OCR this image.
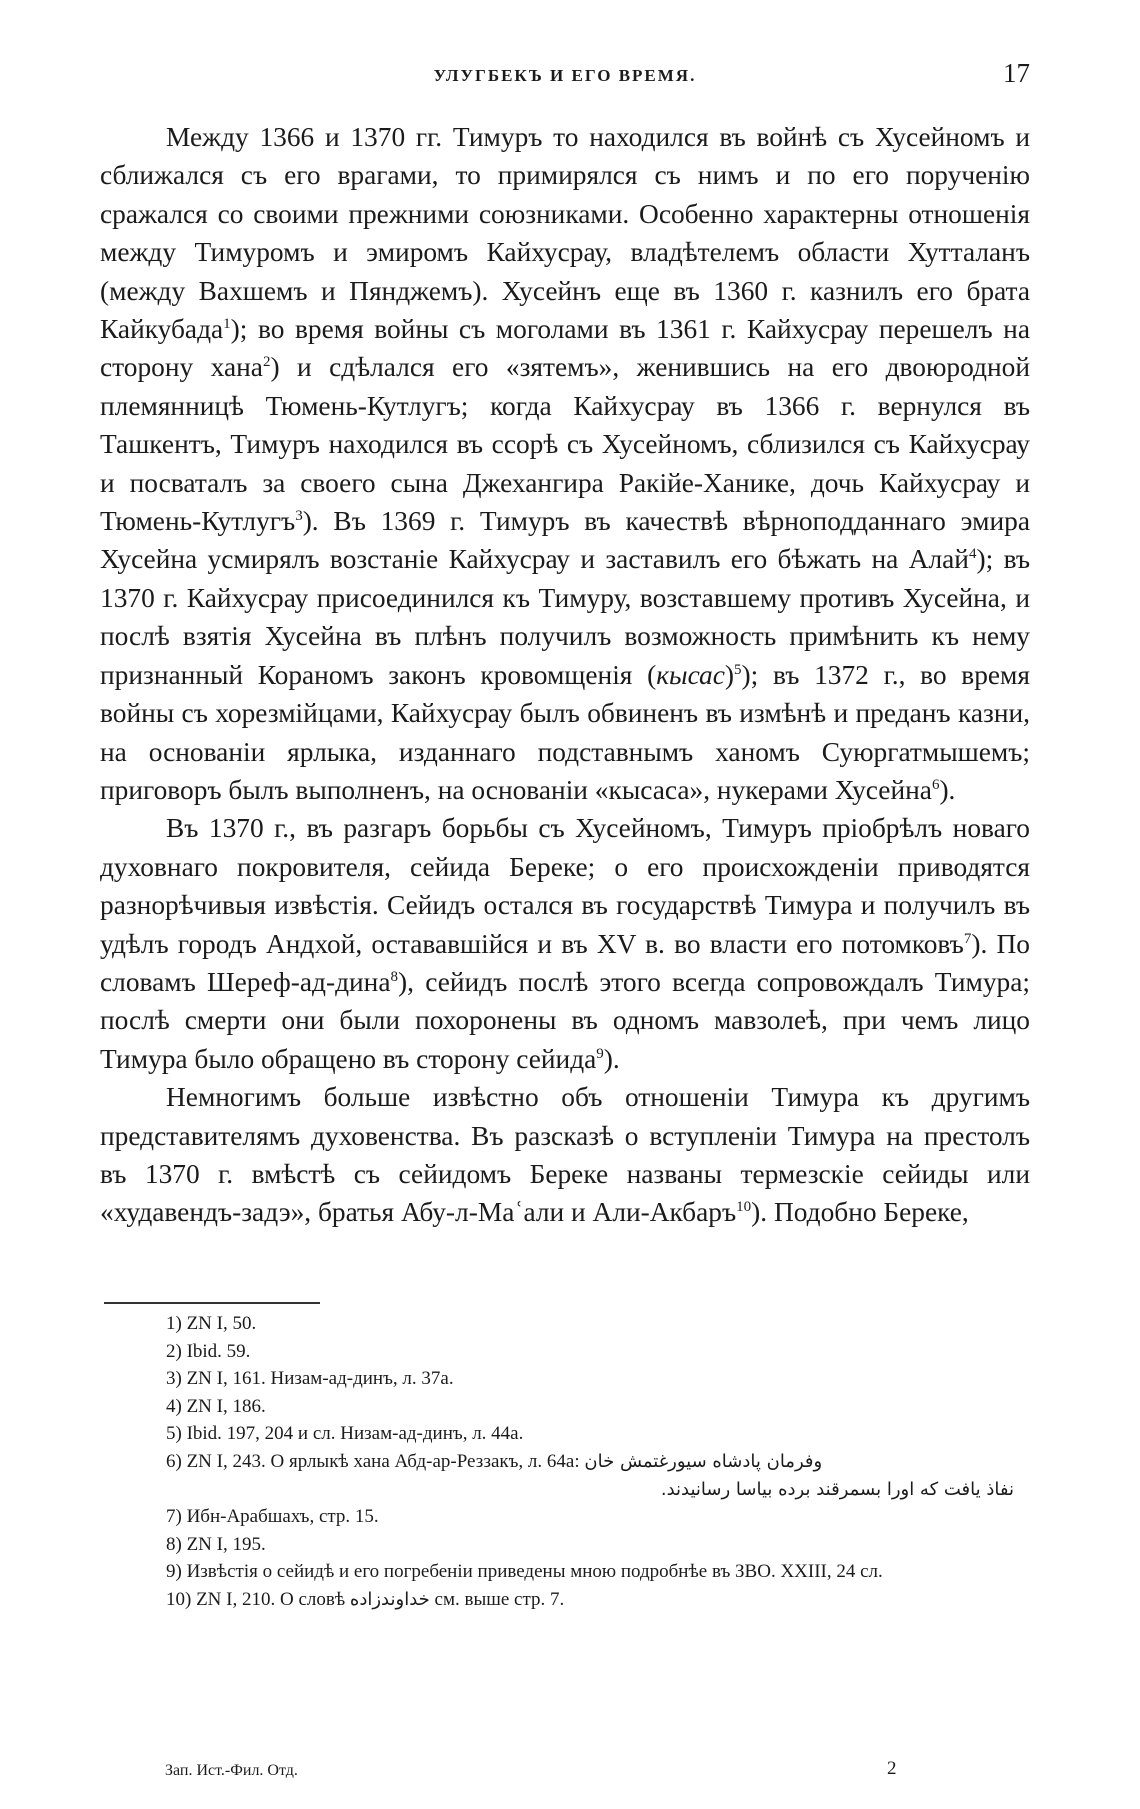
УЛУГБЕКЪ И ЕГО ВРЕМЯ.	17

Между 1366 и 1370 гг. Тимуръ то находился въ войнѣ съ Хусейномъ и сближался съ его врагами, то примирялся съ нимъ и по его порученію сражался со своими прежними союзниками. Особенно характерны отношенія между Тимуромъ и эмиромъ Кайхусрау, владѣтелемъ области Хутталанъ (между Вахшемъ и Пянджемъ). Хусейнъ еще въ 1360 г. казнилъ его брата Кайкубада$^1$); во время войны съ моголами въ 1361 г. Кайхусрау перешелъ на сторону хана$^2$) и сдѣлался его «зятемъ», женившись на его двоюродной племянницѣ Тюмень-Кутлугъ; когда Кайхусрау въ 1366 г. вернулся въ Ташкентъ, Тимуръ находился въ ссорѣ съ Хусейномъ, сблизился съ Кайхусрау и посваталъ за своего сына Джехангира Ракійе-Ханике, дочь Кайхусрау и Тюмень-Кутлугъ$^3$). Въ 1369 г. Тимуръ въ качествѣ вѣрноподданнаго эмира Хусейна усмирялъ возстаніе Кайхусрау и заставилъ его бѣжать на Алай$^4$); въ 1370 г. Кайхусрау присоединился къ Тимуру, возставшему противъ Хусейна, и послѣ взятія Хусейна въ плѣнъ получилъ возможность примѣнить къ нему признанный Кораномъ законъ кровомщенія (кысас)$^5$); въ 1372 г., во время войны съ хорезмійцами, Кайхусрау былъ обвиненъ въ измѣнѣ и преданъ казни, на основаніи ярлыка, изданнаго подставнымъ ханомъ Суюргатмышемъ; приговоръ былъ выполненъ, на основаніи «кысаса», нукерами Хусейна$^6$).

Въ 1370 г., въ разгаръ борьбы съ Хусейномъ, Тимуръ пріобрѣлъ новаго духовнаго покровителя, сейида Береке; о его происхожденіи приводятся разнорѣчивыя извѣстія. Сейидъ остался въ государствѣ Тимура и получилъ въ удѣлъ городъ Андхой, остававшійся и въ XV в. во власти его потомковъ$^7$). По словамъ Шереф-ад-дина$^8$), сейидъ послѣ этого всегда сопровождалъ Тимура; послѣ смерти они были похоронены въ одномъ мавзолеѣ, при чемъ лицо Тимура было обращено въ сторону сейида$^9$).

Немногимъ больше извѣстно объ отношеніи Тимура къ другимъ представителямъ духовенства. Въ разсказѣ о вступленіи Тимура на престолъ въ 1370 г. вмѣстѣ съ сейидомъ Береке названы термезскіе сейиды или «худавендъ-задэ», братья Абу-л-Маʿали и Али-Акбаръ$^{10}$). Подобно Береке,

1) ZN I, 50.

2) Ibid. 59.

3) ZN I, 161. Низам-ад-динъ, л. 37а.

4) ZN I, 186.

5) Ibid. 197, 204 и сл. Низам-ад-динъ, л. 44а.

6) ZN I, 243. О ярлыкѣ хана Абд-ар-Реззакъ, л. 64а: وفرمان پادشاه سیورغتمش خان

نفاذ یافت که اورا بسمرقند برده بیاسا رسانیدند.

7) Ибн-Арабшахъ, стр. 15.

8) ZN I, 195.

9) Извѣстія о сейидѣ и его погребеніи приведены мною подробнѣе въ ЗВО. XXIII, 24 сл.

10) ZN I, 210. О словѣ خداوندزاده см. выше стр. 7.

Зап. Ист.-Фил. Отд.	2
